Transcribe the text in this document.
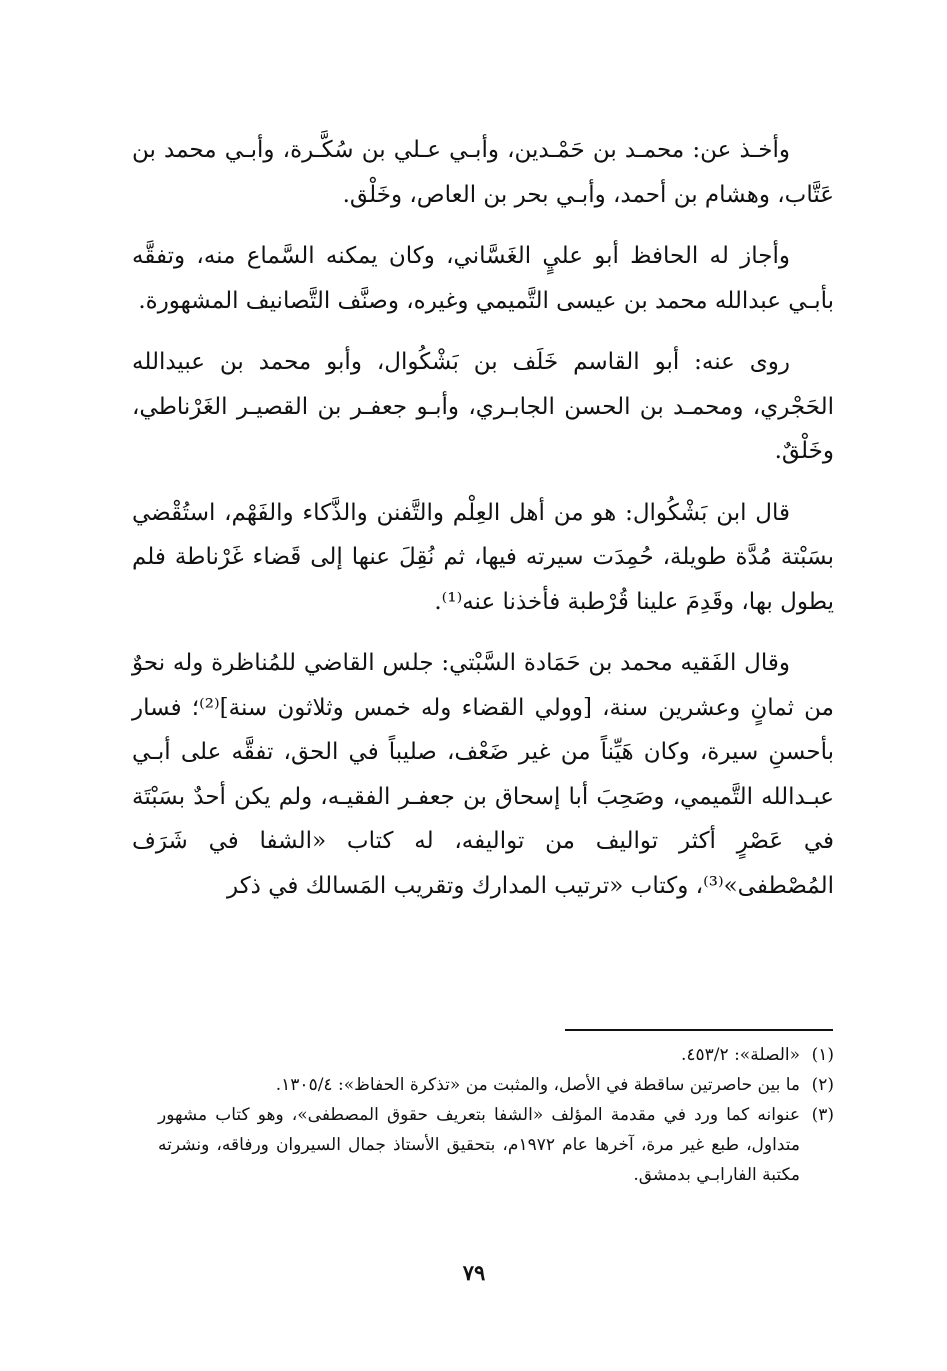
وأخـذ عن: محمـد بن حَمْـدين، وأبـي عـلي بن سُكَّـرة، وأبـي محمد بن عَتَّاب، وهشام بن أحمد، وأبـي بحر بن العاص، وخَلْق.

وأجاز له الحافظ أبو عليٍ الغَسَّاني، وكان يمكنه السَّماع منه، وتفقَّه بأبـي عبدالله محمد بن عيسى التَّميمي وغيره، وصنَّف التَّصانيف المشهورة.

روى عنه: أبو القاسم خَلَف بن بَشْكُوال، وأبو محمد بن عبيدالله الحَجْري، ومحمـد بن الحسن الجابـري، وأبـو جعفـر بن القصيـر الغَرْناطي، وخَلْقٌ.

قال ابن بَشْكُوال: هو من أهل العِلْم والتَّفنن والذَّكاء والفَهْم، استُقْضي بسَبْتة مُدَّة طويلة، حُمِدَت سيرته فيها، ثم نُقِلَ عنها إلى قَضاء غَرْناطة فلم يطول بها، وقَدِمَ علينا قُرْطبة فأخذنا عنه⁽¹⁾.

وقال الفَقيه محمد بن حَمَادة السَّبْتي: جلس القاضي للمُناظرة وله نحوٌ من ثمانٍ وعشرين سنة، [وولي القضاء وله خمس وثلاثون سنة]⁽²⁾؛ فسار بأحسنِ سيرة، وكان هَيِّناً من غير ضَعْف، صليباً في الحق، تفقَّه على أبـي عبـدالله التَّميمي، وصَحِبَ أبا إسحاق بن جعفـر الفقيـه، ولم يكن أحدٌ بسَبْتَة في عَصْرٍ أكثر تواليف من تواليفه، له كتاب «الشفا في شَرَف المُصْطفى»⁽³⁾، وكتاب «ترتيب المدارك وتقريب المَسالك في ذكر

(١)«الصلة»: ٤٥٣/٢.

(٢)ما بين حاصرتين ساقطة في الأصل، والمثبت من «تذكرة الحفاظ»: ١٣٠٥/٤.

(٣)عنوانه كما ورد في مقدمة المؤلف «الشفا بتعريف حقوق المصطفى»، وهو كتاب مشهور متداول، طبع غير مرة، آخرها عام ١٩٧٢م، بتحقيق الأستاذ جمال السيروان ورفاقه، ونشرته مكتبة الفارابـي بدمشق.

٧٩
